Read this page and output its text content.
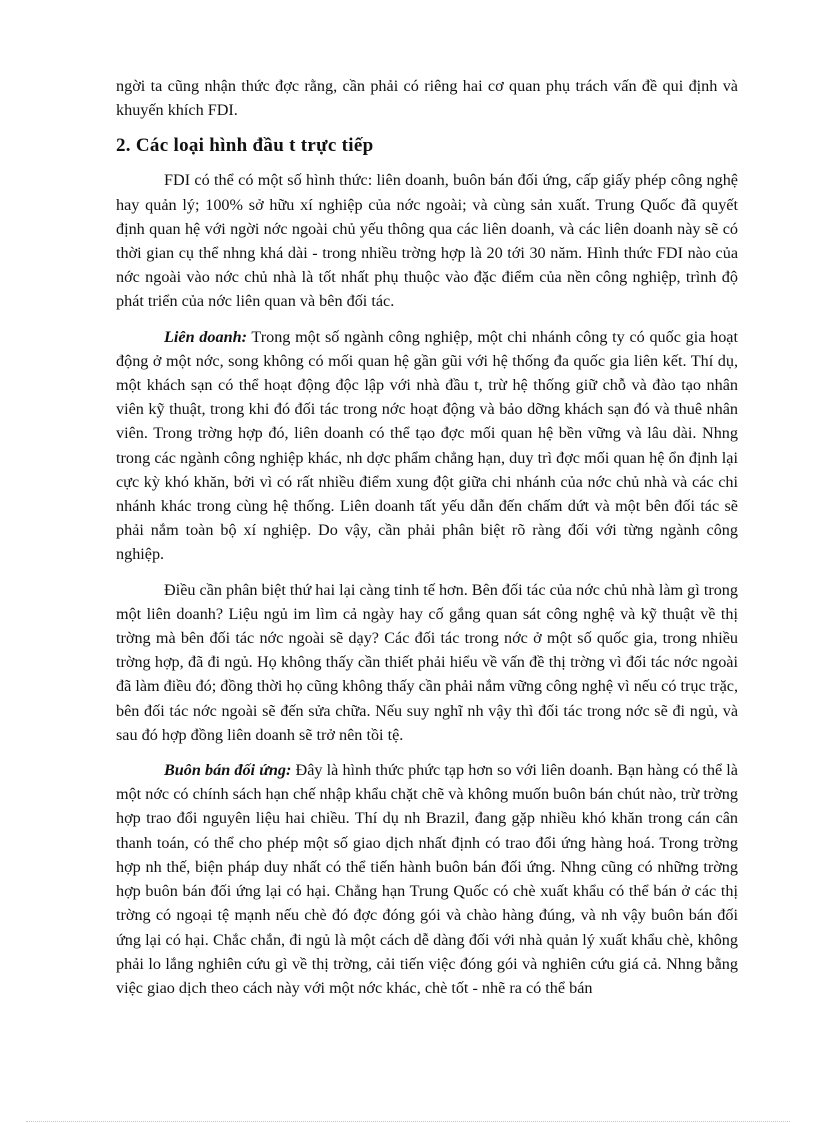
ngời ta cũng nhận thức đợc rằng, cần phải có riêng hai cơ quan phụ trách vấn đề qui định và khuyến khích FDI.

2. Các loại hình đầu t trực tiếp

FDI có thể có một số hình thức: liên doanh, buôn bán đối ứng, cấp giấy phép công nghệ hay quản lý; 100% sở hữu xí nghiệp của nớc ngoài; và cùng sản xuất. Trung Quốc đã quyết định quan hệ với ngời nớc ngoài chủ yếu thông qua các liên doanh, và các liên doanh này sẽ có thời gian cụ thể nhng khá dài - trong nhiều trờng hợp là 20 tới 30 năm. Hình thức FDI nào của nớc ngoài vào nớc chủ nhà là tốt nhất phụ thuộc vào đặc điểm của nền công nghiệp, trình độ phát triển của nớc liên quan và bên đối tác.

Liên doanh: Trong một số ngành công nghiệp, một chi nhánh công ty có quốc gia hoạt động ở một nớc, song không có mối quan hệ gần gũi với hệ thống đa quốc gia liên kết. Thí dụ, một khách sạn có thể hoạt động độc lập với nhà đầu t, trừ hệ thống giữ chỗ và đào tạo nhân viên kỹ thuật, trong khi đó đối tác trong nớc hoạt động và bảo dỡng khách sạn đó và thuê nhân viên. Trong trờng hợp đó, liên doanh có thể tạo đợc mối quan hệ bền vững và lâu dài. Nhng trong các ngành công nghiệp khác, nh dợc phẩm chẳng hạn, duy trì đợc mối quan hệ ổn định lại cực kỳ khó khăn, bởi vì có rất nhiều điểm xung đột giữa chi nhánh của nớc chủ nhà và các chi nhánh khác trong cùng hệ thống. Liên doanh tất yếu dẫn đến chấm dứt và một bên đối tác sẽ phải nắm toàn bộ xí nghiệp. Do vậy, cần phải phân biệt rõ ràng đối với từng ngành công nghiệp.

Điều cần phân biệt thứ hai lại càng tinh tế hơn. Bên đối tác của nớc chủ nhà làm gì trong một liên doanh? Liệu ngủ im lìm cả ngày hay cố gắng quan sát công nghệ và kỹ thuật về thị trờng mà bên đối tác nớc ngoài sẽ dạy? Các đối tác trong nớc ở một số quốc gia, trong nhiều trờng hợp, đã đi ngủ. Họ không thấy cần thiết phải hiểu về vấn đề thị trờng vì đối tác nớc ngoài đã làm điều đó; đồng thời họ cũng không thấy cần phải nắm vững công nghệ vì nếu có trục trặc, bên đối tác nớc ngoài sẽ đến sửa chữa. Nếu suy nghĩ nh vậy thì đối tác trong nớc sẽ đi ngủ, và sau đó hợp đồng liên doanh sẽ trở nên tồi tệ.

Buôn bán đối ứng: Đây là hình thức phức tạp hơn so với liên doanh. Bạn hàng có thể là một nớc có chính sách hạn chế nhập khẩu chặt chẽ và không muốn buôn bán chút nào, trừ trờng hợp trao đổi nguyên liệu hai chiều. Thí dụ nh Brazil, đang gặp nhiều khó khăn trong cán cân thanh toán, có thể cho phép một số giao dịch nhất định có trao đổi ứng hàng hoá. Trong trờng hợp nh thế, biện pháp duy nhất có thể tiến hành buôn bán đối ứng. Nhng cũng có những trờng hợp buôn bán đối ứng lại có hại. Chẳng hạn Trung Quốc có chè xuất khẩu có thể bán ở các thị trờng có ngoại tệ mạnh nếu chè đó đợc đóng gói và chào hàng đúng, và nh vậy buôn bán đối ứng lại có hại. Chắc chắn, đi ngủ là một cách dễ dàng đối với nhà quản lý xuất khẩu chè, không phải lo lắng nghiên cứu gì về thị trờng, cải tiến việc đóng gói và nghiên cứu giá cả. Nhng bằng việc giao dịch theo cách này với một nớc khác, chè tốt - nhẽ ra có thể bán
